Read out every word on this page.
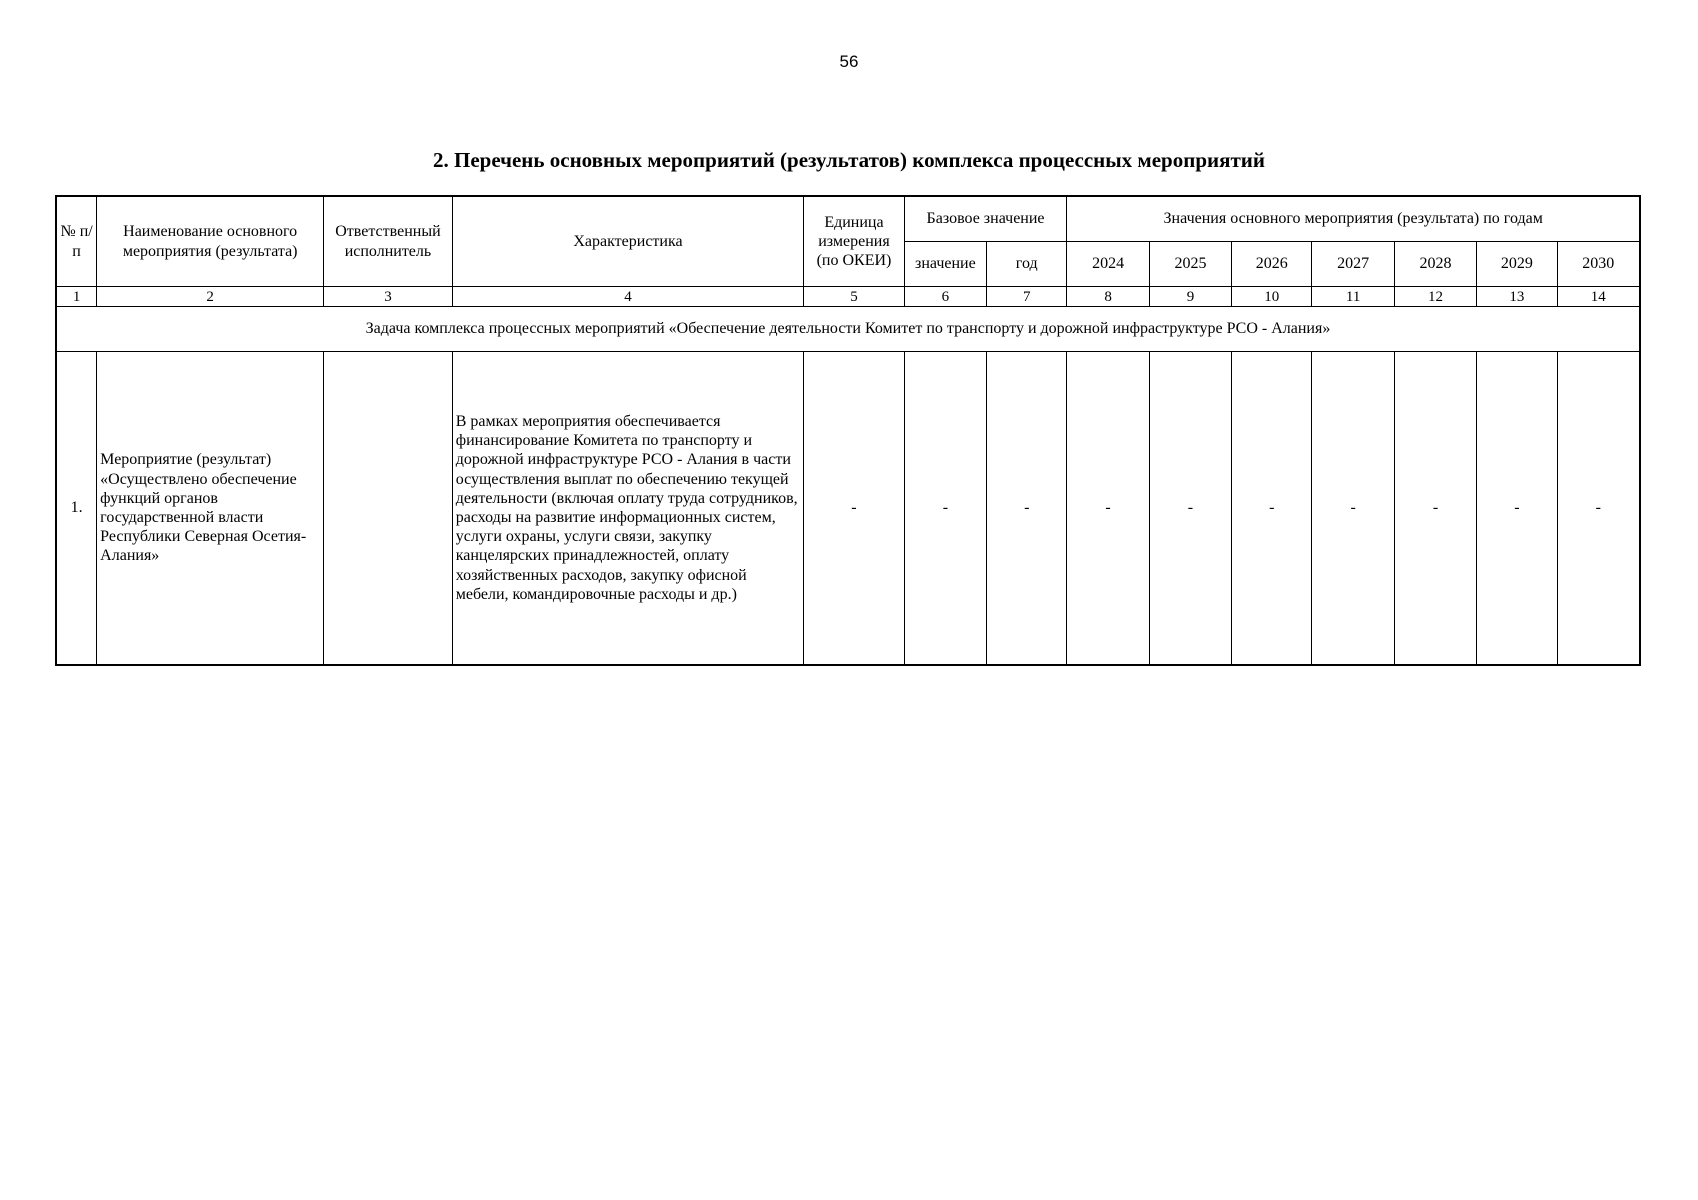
56
2. Перечень основных мероприятий (результатов) комплекса процессных мероприятий
№ п/п	Наименование основного мероприятия (результата)	Ответственный исполнитель	Характеристика	Единица измерения (по ОКЕИ)	Базовое значение		Значения основного мероприятия (результата) по годам						
					значение	год	2024	2025	2026	2027	2028	2029	2030
1	2	3	4	5	6	7	8	9	10	11	12	13	14
Задача комплекса процессных мероприятий «Обеспечение деятельности Комитет по транспорту и дорожной инфраструктуре РСО - Алания»													
1.	Мероприятие (результат) «Осуществлено обеспечение функций органов государственной власти Республики Северная Осетия-Алания»		В рамках мероприятия обеспечивается финансирование Комитета по транспорту и дорожной инфраструктуре РСО - Алания в части осуществления выплат по обеспечению текущей деятельности (включая оплату труда сотрудников, расходы на развитие информационных систем, услуги охраны, услуги связи, закупку канцелярских принадлежностей, оплату хозяйственных расходов, закупку офисной мебели, командировочные расходы и др.)	-	-	-	-	-	-	-	-	-	-
